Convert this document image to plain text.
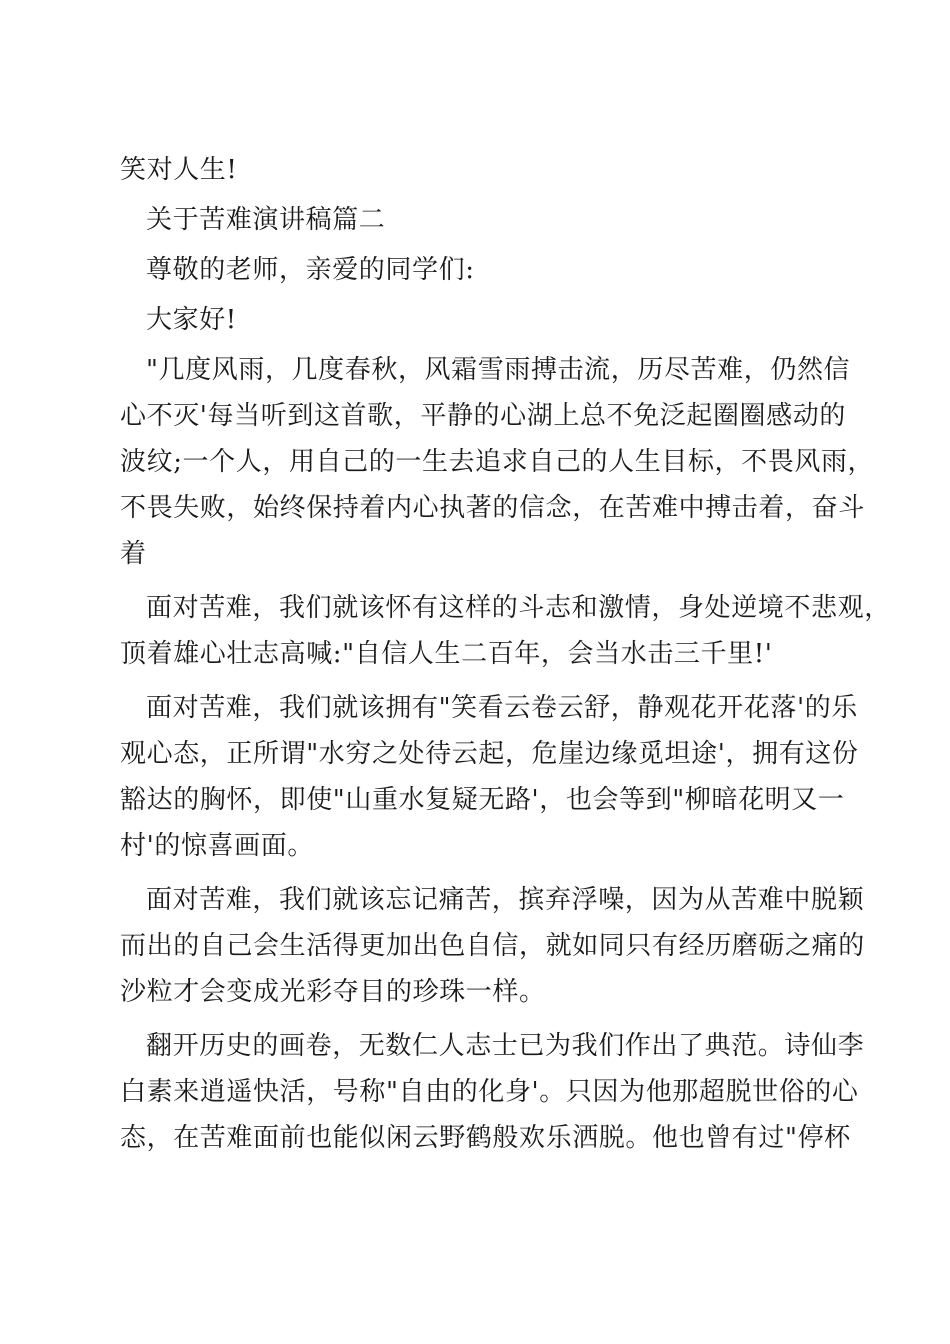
笑对人生!
关于苦难演讲稿篇二
尊敬的老师，亲爱的同学们:
大家好!
"几度风雨，几度春秋，风霜雪雨搏击流，历尽苦难，仍然信
心不灭'每当听到这首歌，平静的心湖上总不免泛起圈圈感动的
波纹;一个人，用自己的一生去追求自己的人生目标，不畏风雨，
不畏失败，始终保持着内心执著的信念，在苦难中搏击着，奋斗
着
面对苦难，我们就该怀有这样的斗志和激情，身处逆境不悲观，
顶着雄心壮志高喊:"自信人生二百年，会当水击三千里!'
面对苦难，我们就该拥有"笑看云卷云舒，静观花开花落'的乐
观心态，正所谓"水穷之处待云起，危崖边缘觅坦途'，拥有这份
豁达的胸怀，即使"山重水复疑无路'，也会等到"柳暗花明又一
村'的惊喜画面。
面对苦难，我们就该忘记痛苦，摈弃浮噪，因为从苦难中脱颖
而出的自己会生活得更加出色自信，就如同只有经历磨砺之痛的
沙粒才会变成光彩夺目的珍珠一样。
翻开历史的画卷，无数仁人志士已为我们作出了典范。诗仙李
白素来逍遥快活，号称"自由的化身'。只因为他那超脱世俗的心
态，在苦难面前也能似闲云野鹤般欢乐洒脱。他也曾有过"停杯
